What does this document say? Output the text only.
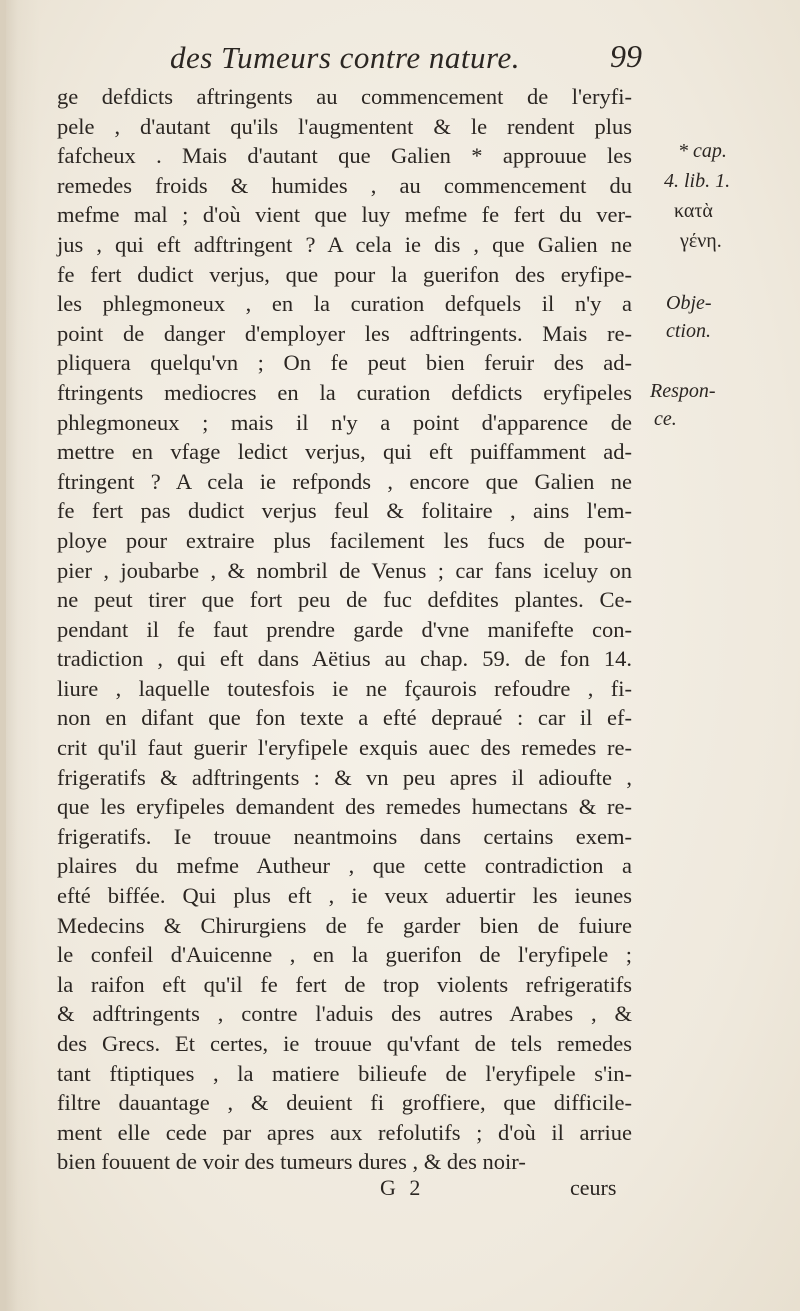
des Tumeurs contre nature.	99
ge defdicts aftringents au commencement de l'eryfi-
pele , d'autant qu'ils l'augmentent & le rendent plus
fafcheux . Mais d'autant que Galien * approuue les
remedes froids & humides , au commencement du
mefme mal ; d'où vient que luy mefme fe fert du ver-
jus , qui eft adftringent ? A cela ie dis , que Galien ne
fe fert dudict verjus, que pour la guerifon des eryfipe-
les phlegmoneux , en la curation defquels il n'y a
point de danger d'employer les adftringents. Mais re-
pliquera quelqu'vn ; On fe peut bien feruir des ad-
ftringents mediocres en la curation defdicts eryfipeles
phlegmoneux ; mais il n'y a point d'apparence de
mettre en vfage ledict verjus, qui eft puiffamment ad-
ftringent ? A cela ie refponds , encore que Galien ne
fe fert pas dudict verjus feul & folitaire , ains l'em-
ploye pour extraire plus facilement les fucs de pour-
pier , joubarbe , & nombril de Venus ; car fans iceluy on
ne peut tirer que fort peu de fuc defdites plantes. Ce-
pendant il fe faut prendre garde d'vne manifefte con-
tradiction , qui eft dans Aëtius au chap. 59. de fon 14.
liure , laquelle toutesfois ie ne fçaurois refoudre , fi-
non en difant que fon texte a efté depraué : car il ef-
crit qu'il faut guerir l'eryfipele exquis auec des remedes re-
frigeratifs & adftringents : & vn peu apres il adioufte ,
que les eryfipeles demandent des remedes humectans & re-
frigeratifs. Ie trouue neantmoins dans certains exem-
plaires du mefme Autheur , que cette contradiction a
efté biffée. Qui plus eft , ie veux aduertir les ieunes
Medecins & Chirurgiens de fe garder bien de fuiure
le confeil d'Auicenne , en la guerifon de l'eryfipele ;
la raifon eft qu'il fe fert de trop violents refrigeratifs
& adftringents , contre l'aduis des autres Arabes , &
des Grecs. Et certes, ie trouue qu'vfant de tels remedes
tant ftiptiques , la matiere bilieufe de l'eryfipele s'in-
filtre dauantage , & deuient fi groffiere, que difficile-
ment elle cede par apres aux refolutifs ; d'où il arriue
bien fouuent de voir des tumeurs dures , & des noir-
* cap.
4. lib. 1.
κατὰ
γένη.
Obje-
ction.
Respon-
ce.
G 2	ceurs
